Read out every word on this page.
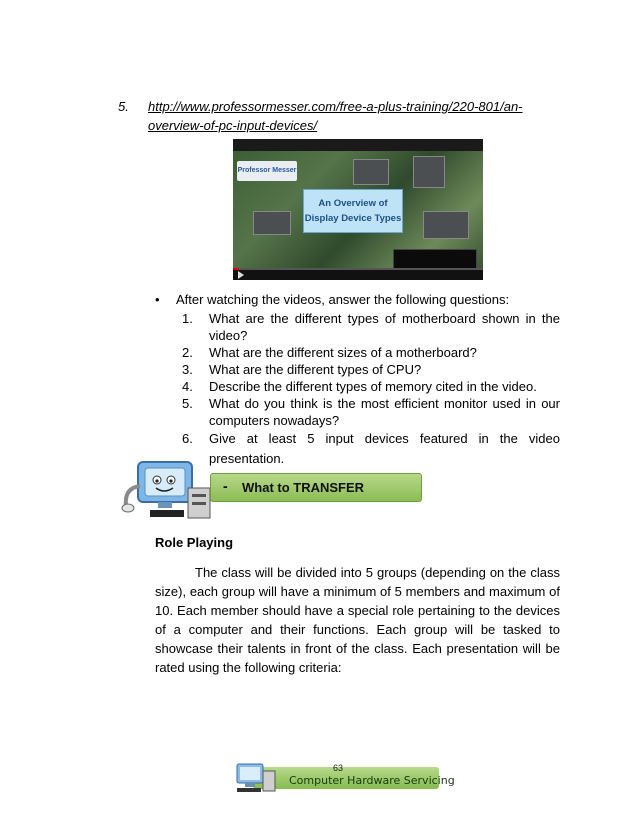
5. http://www.professormesser.com/free-a-plus-training/220-801/an-overview-of-pc-input-devices/
Professor Messer
An Overview of Display Device Types
• After watching the videos, answer the following questions:
1. What are the different types of motherboard shown in the video?
2. What are the different sizes of a motherboard?
3. What are the different types of CPU?
4. Describe the different types of memory cited in the video.
5. What do you think is the most efficient monitor used in our computers nowadays?
6. Give at least 5 input devices featured in the video presentation.
- What to TRANSFER
Role Playing
The class will be divided into 5 groups (depending on the class size), each group will have a minimum of 5 members and maximum of 10. Each member should have a special role pertaining to the devices of a computer and their functions. Each group will be tasked to showcase their talents in front of the class. Each presentation will be rated using the following criteria:
63
Computer Hardware Servicing
